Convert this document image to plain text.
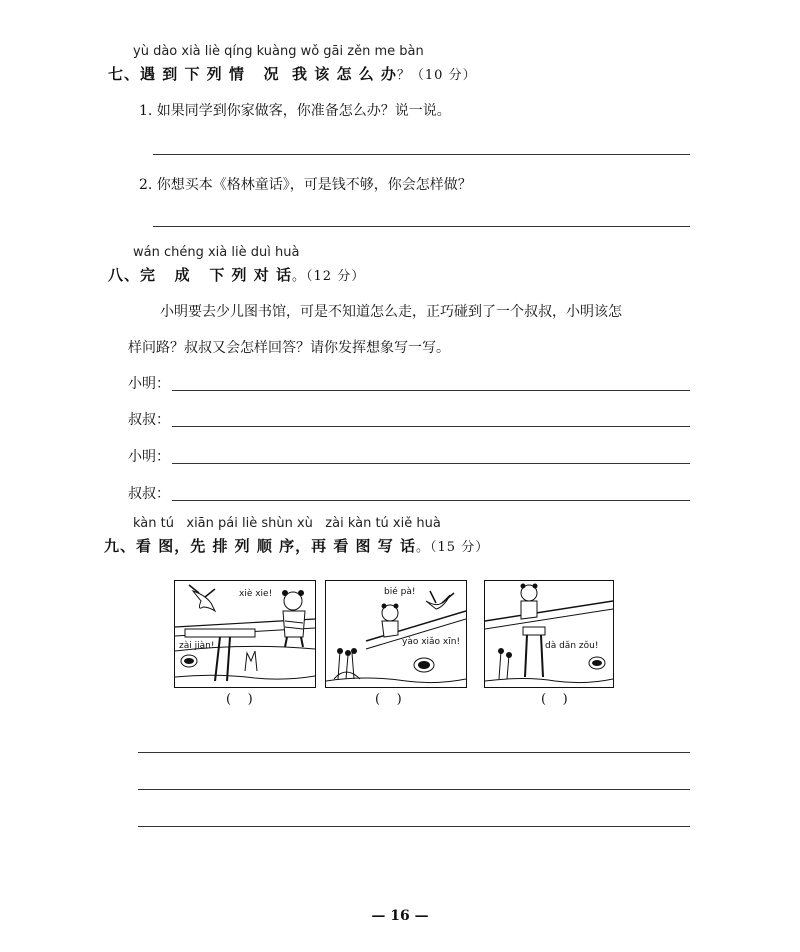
yù dào xià liè qíng kuàng wǒ gāi zěn me bàn
七、遇 到 下 列 情   况  我 该 怎 么 办？（10 分）
1. 如果同学到你家做客，你准备怎么办？说一说。
2. 你想买本《格林童话》，可是钱不够，你会怎样做？
wán chéng xià liè duì huà
八、完   成   下 列 对 话。（12 分）
小明要去少儿图书馆，可是不知道怎么走，正巧碰到了一个叔叔，小明该怎
样问路？叔叔又会怎样回答？请你发挥想象写一写。
小明：
叔叔：
小明：
叔叔：
kàn tú   xiān pái liè shùn xù   zài kàn tú xiě huà
九、看 图，先 排 列 顺 序，再 看 图 写 话。（15 分）
xiè xie!
zài jiàn!
(    )
bié pà!
yào xiǎo xīn!
(    )
dà dǎn zǒu!
(    )
— 16 —
